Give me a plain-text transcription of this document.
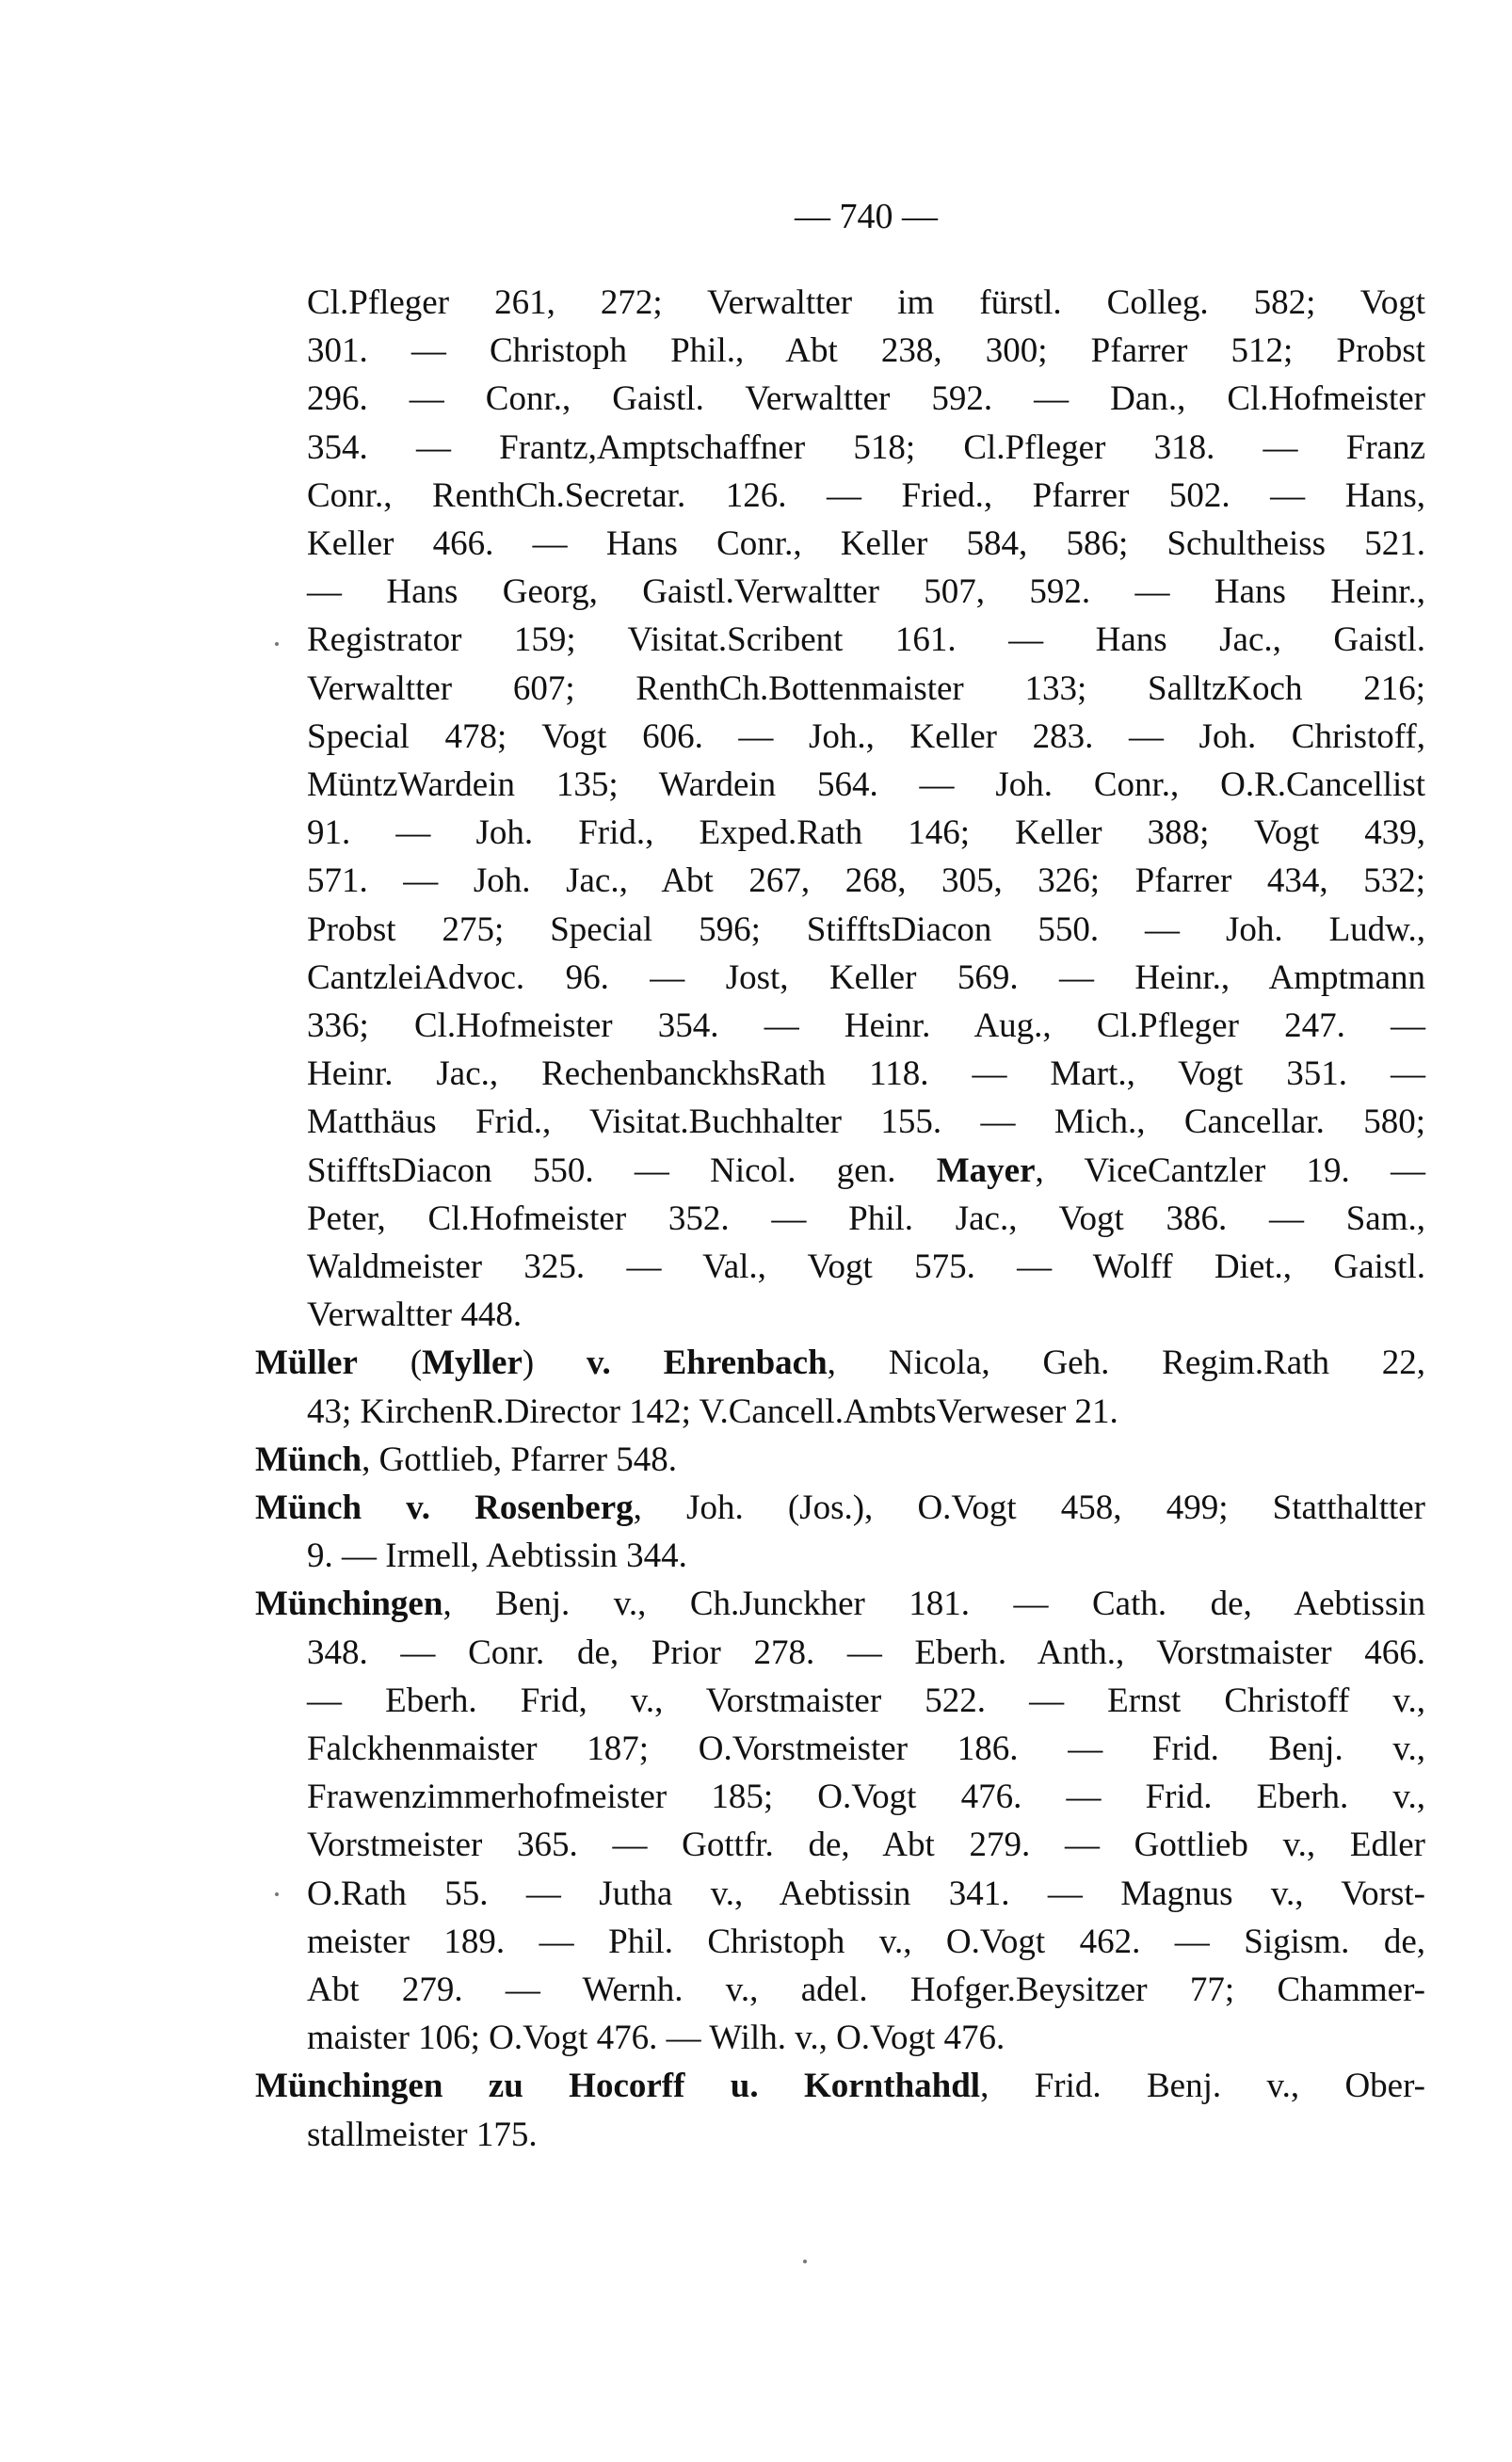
— 740 —
Cl.Pfleger 261, 272; Verwaltter im fürstl. Colleg. 582; Vogt
301. — Christoph Phil., Abt 238, 300; Pfarrer 512; Probst
296. — Conr., Gaistl. Verwaltter 592. — Dan., Cl.Hofmeister
354. — Frantz,Amptschaffner 518; Cl.Pfleger 318. — Franz
Conr., RenthCh.Secretar. 126. — Fried., Pfarrer 502. — Hans,
Keller 466. — Hans Conr., Keller 584, 586; Schultheiss 521.
— Hans Georg, Gaistl.Verwaltter 507, 592. — Hans Heinr.,
Registrator 159; Visitat.Scribent 161. — Hans Jac., Gaistl.
Verwaltter 607; RenthCh.Bottenmaister 133; SalltzKoch 216;
Special 478; Vogt 606. — Joh., Keller 283. — Joh. Christoff,
MüntzWardein 135; Wardein 564. — Joh. Conr., O.R.Cancellist
91. — Joh. Frid., Exped.Rath 146; Keller 388; Vogt 439,
571. — Joh. Jac., Abt 267, 268, 305, 326; Pfarrer 434, 532;
Probst 275; Special 596; StifftsDiacon 550. — Joh. Ludw.,
CantzleiAdvoc. 96. — Jost, Keller 569. — Heinr., Amptmann
336; Cl.Hofmeister 354. — Heinr. Aug., Cl.Pfleger 247. —
Heinr. Jac., RechenbanckhsRath 118. — Mart., Vogt 351. —
Matthäus Frid., Visitat.Buchhalter 155. — Mich., Cancellar. 580;
StifftsDiacon 550. — Nicol. gen. Mayer, ViceCantzler 19. —
Peter, Cl.Hofmeister 352. — Phil. Jac., Vogt 386. — Sam.,
Waldmeister 325. — Val., Vogt 575. — Wolff Diet., Gaistl.
Verwaltter 448.
Müller (Myller) v. Ehrenbach, Nicola, Geh. Regim.Rath 22,
43; KirchenR.Director 142; V.Cancell.AmbtsVerweser 21.
Münch, Gottlieb, Pfarrer 548.
Münch v. Rosenberg, Joh. (Jos.), O.Vogt 458, 499; Statthaltter
9. — Irmell, Aebtissin 344.
Münchingen, Benj. v., Ch.Junckher 181. — Cath. de, Aebtissin
348. — Conr. de, Prior 278. — Eberh. Anth., Vorstmaister 466.
— Eberh. Frid, v., Vorstmaister 522. — Ernst Christoff v.,
Falckhenmaister 187; O.Vorstmeister 186. — Frid. Benj. v.,
Frawenzimmerhofmeister 185; O.Vogt 476. — Frid. Eberh. v.,
Vorstmeister 365. — Gottfr. de, Abt 279. — Gottlieb v., Edler
O.Rath 55. — Jutha v., Aebtissin 341. — Magnus v., Vorst-
meister 189. — Phil. Christoph v., O.Vogt 462. — Sigism. de,
Abt 279. — Wernh. v., adel. Hofger.Beysitzer 77; Chammer-
maister 106; O.Vogt 476. — Wilh. v., O.Vogt 476.
Münchingen zu Hocorff u. Kornthahdl, Frid. Benj. v., Ober-
stallmeister 175.
